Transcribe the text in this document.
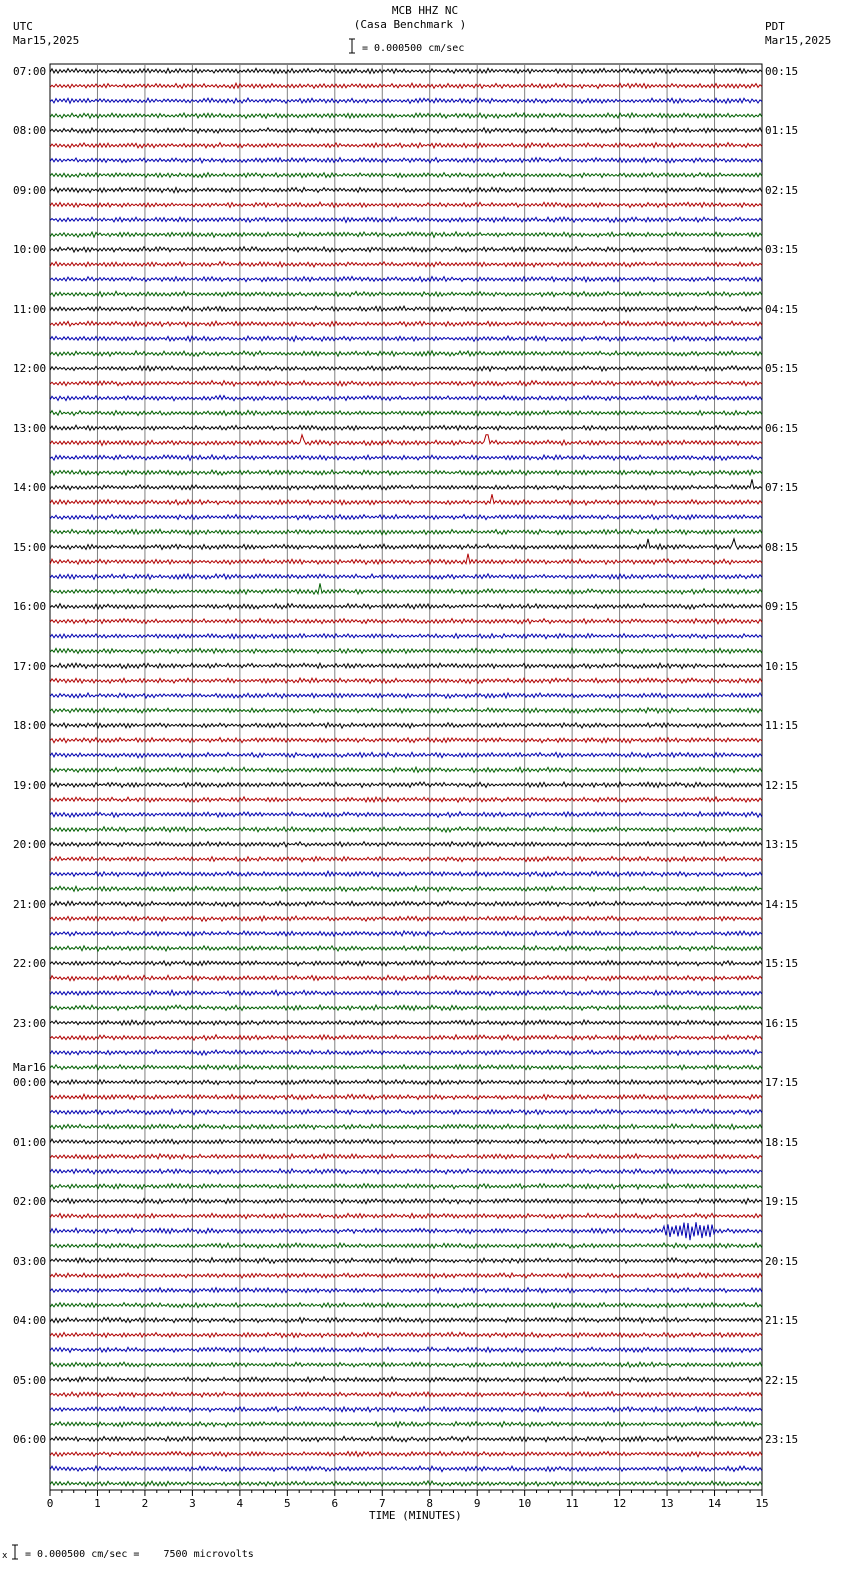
MCB HHZ NC
(Casa Benchmark )
UTC
Mar15,2025
PDT
Mar15,2025
= 0.000500 cm/sec
0	1	2	3	4	5	6	7	8	9	10	11	12	13	14	15
07:00
08:00
09:00
10:00
11:00
12:00
13:00
14:00
15:00
16:00
17:00
18:00
19:00
20:00
21:00
22:00
23:00
00:00
Mar16
01:00
02:00
03:00
04:00
05:00
06:00
00:15
01:15
02:15
03:15
04:15
05:15
06:15
07:15
08:15
09:15
10:15
11:15
12:15
13:15
14:15
15:15
16:15
17:15
18:15
19:15
20:15
21:15
22:15
23:15
TIME (MINUTES)
x = 0.000500 cm/sec =    7500 microvolts
